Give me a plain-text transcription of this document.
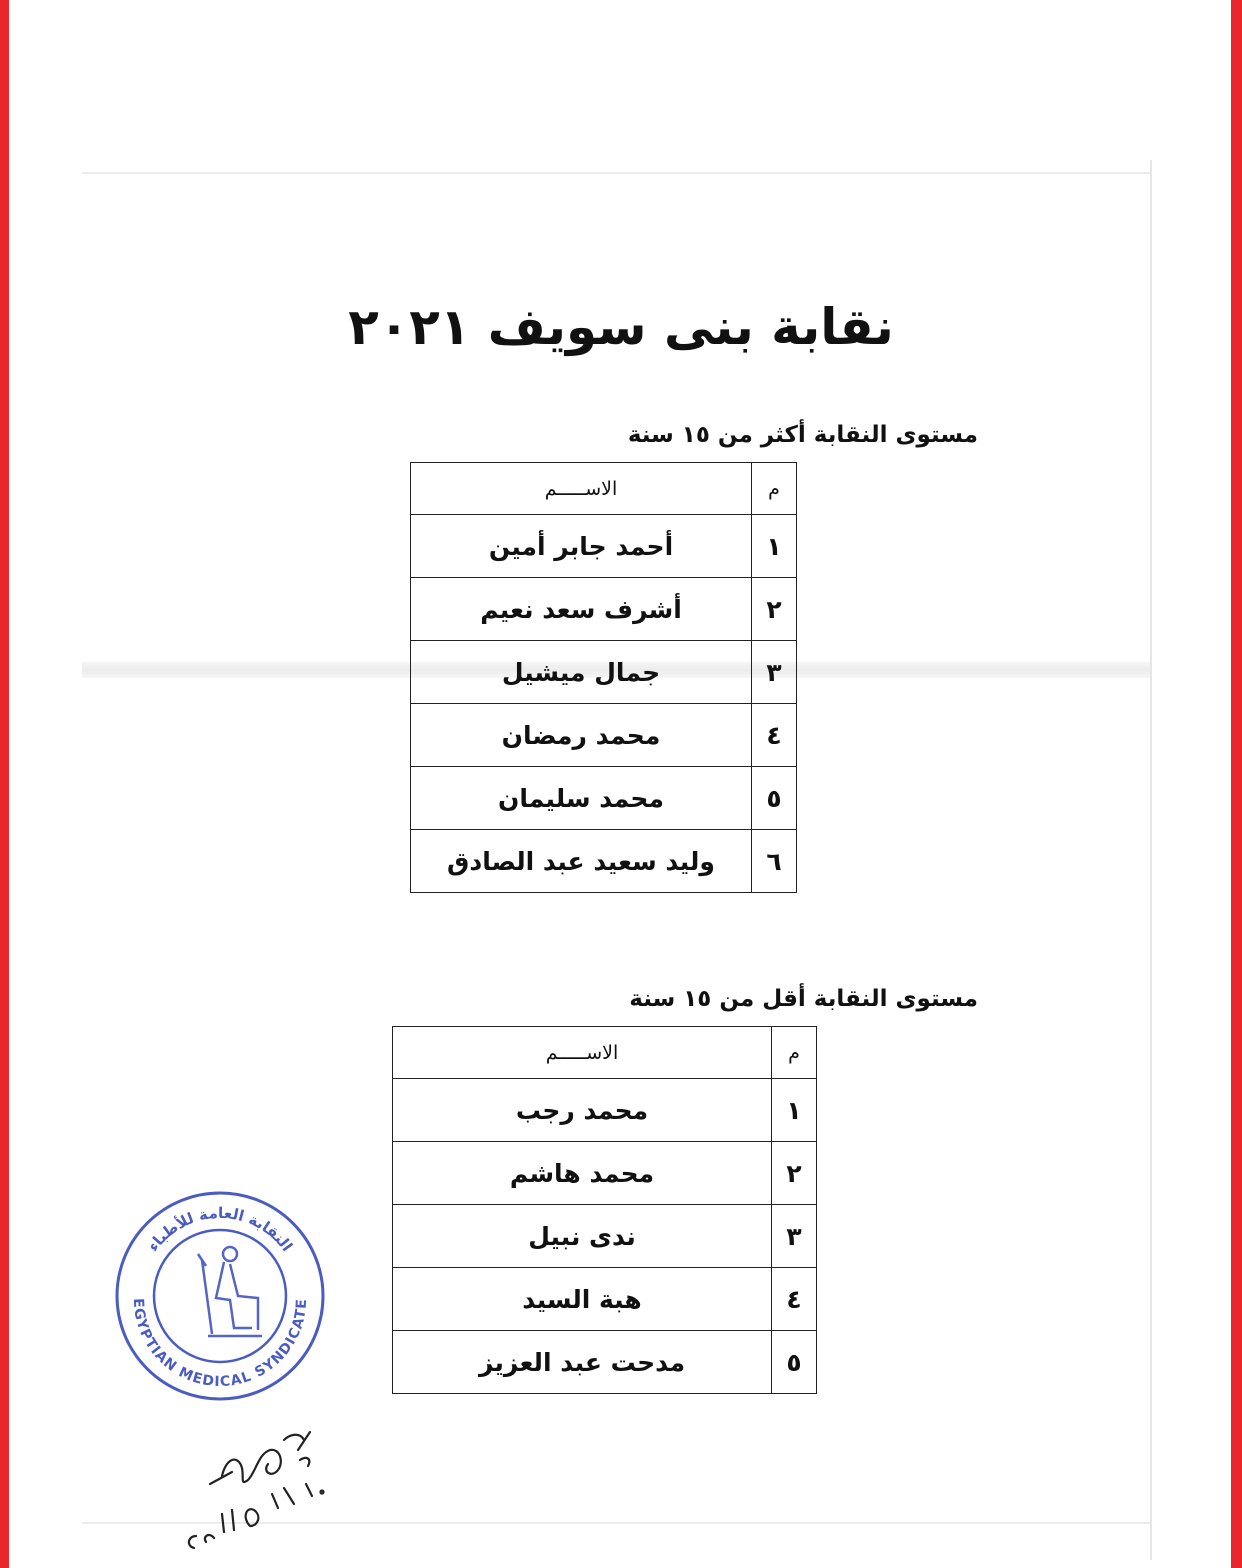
نقابة بنى سويف ٢٠٢١
مستوى النقابة أكثر من ١٥ سنة
م	الاســـــم
١	أحمد جابر أمين
٢	أشرف سعد نعيم
٣	جمال ميشيل
٤	محمد رمضان
٥	محمد سليمان
٦	وليد سعيد عبد الصادق
مستوى النقابة أقل من ١٥ سنة
م	الاســـــم
١	محمد رجب
٢	محمد هاشم
٣	ندى نبيل
٤	هبة السيد
٥	مدحت عبد العزيز
النقابة العامة للأطباء
EGYPTIAN MEDICAL SYNDICATE
